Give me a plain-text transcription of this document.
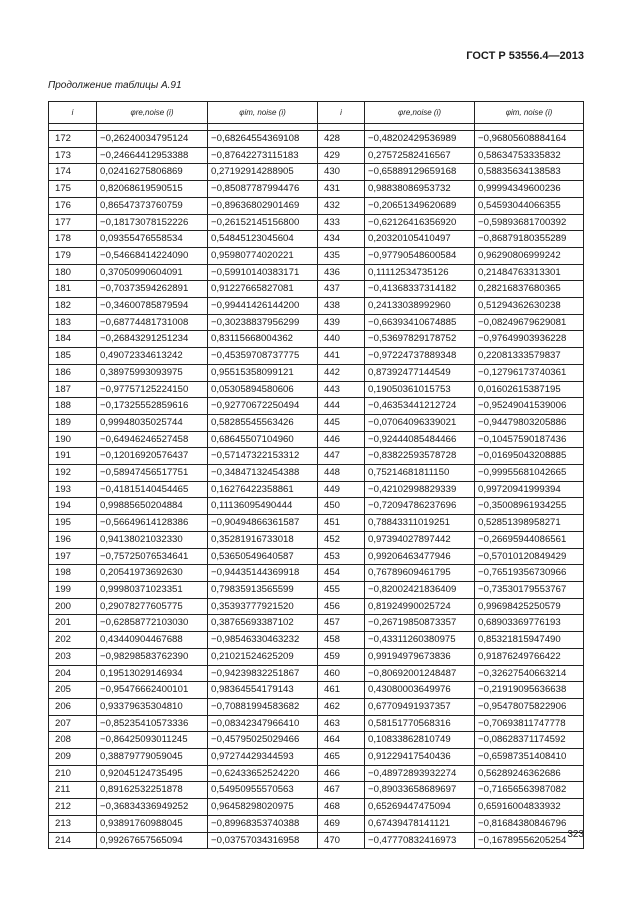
ГОСТ Р 53556.4—2013
Продолжение таблицы А.91
i	φre,noise (i)	φim, noise (i)	i	φre,noise (i)	φim, noise (i)

172	−0,26240034795124	−0,68264554369108	428	−0,48202429536989	−0,96805608884164
173	−0,24664412953388	−0,87642273115183	429	0,27572582416567	0,58634753335832
174	0,02416275806869	0,27192914288905	430	−0,65889129659168	0,58835634138583
175	0,82068619590515	−0,85087787994476	431	0,98838086953732	0,99994349600236
176	0,86547373760759	−0,89636802901469	432	−0,20651349620689	0,54593044066355
177	−0,18173078152226	−0,26152145156800	433	−0,62126416356920	−0,59893681700392
178	0,09355476558534	0,54845123045604	434	0,20320105410497	−0,86879180355289
179	−0,54668414224090	0,95980774020221	435	−0,97790548600584	0,96290806999242
180	0,37050990604091	−0,59910140383171	436	0,11112534735126	0,21484763313301
181	−0,70373594262891	0,91227665827081	437	−0,41368337314182	0,28216837680365
182	−0,34600785879594	−0,99441426144200	438	0,24133038992960	0,51294362630238
183	−0,68774481731008	−0,30238837956299	439	−0,66393410674885	−0,08249679629081
184	−0,26843291251234	0,83115668004362	440	−0,53697829178752	−0,97649903936228
185	0,49072334613242	−0,45359708737775	441	−0,97224737889348	0,22081333579837
186	0,38975993093975	0,95515358099121	442	0,87392477144549	−0,12796173740361
187	−0,97757125224150	0,05305894580606	443	0,19050361015753	0,01602615387195
188	−0,17325552859616	−0,92770672250494	444	−0,46353441212724	−0,95249041539006
189	0,99948035025744	0,58285545563426	445	−0,07064096339021	−0,94479803205886
190	−0,64946246527458	0,68645507104960	446	−0,92444085484466	−0,10457590187436
191	−0,12016920576437	−0,57147322153312	447	−0,83822593578728	−0,01695043208885
192	−0,58947456517751	−0,34847132454388	448	0,75214681811150	−0,99955681042665
193	−0,41815140454465	0,16276422358861	449	−0,42102998829339	0,99720941999394
194	0,99885650204884	0,11136095490444	450	−0,72094786237696	−0,35008961934255
195	−0,56649614128386	−0,90494866361587	451	0,78843311019251	0,52851398958271
196	0,94138021032330	0,35281916733018	452	0,97394027897442	−0,26695944086561
197	−0,75725076534641	0,53650549640587	453	0,99206463477946	−0,57010120849429
198	0,20541973692630	−0,94435144369918	454	0,76789609461795	−0,76519356730966
199	0,99980371023351	0,79835913565599	455	−0,82002421836409	−0,73530179553767
200	0,29078277605775	0,35393777921520	456	0,81924990025724	0,99698425250579
201	−0,62858772103030	0,38765693387102	457	−0,26719850873357	0,68903369776193
202	0,43440904467688	−0,98546330463232	458	−0,43311260380975	0,85321815947490
203	−0,98298583762390	0,21021524625209	459	0,99194979673836	0,91876249766422
204	0,19513029146934	−0,94239832251867	460	−0,80692001248487	−0,32627540663214
205	−0,95476662400101	0,98364554179143	461	0,43080003649976	−0,21919095636638
206	0,93379635304810	−0,70881994583682	462	0,67709491937357	−0,95478075822906
207	−0,85235410573336	−0,08342347966410	463	0,58151770568316	−0,70693811747778
208	−0,86425093011245	−0,45795025029466	464	0,10833862810749	−0,08628371174592
209	0,38879779059045	0,97274429344593	465	0,91229417540436	−0,65987351408410
210	0,92045124735495	−0,62433652524220	466	−0,48972893932274	0,56289246362686
211	0,89162532251878	0,54950955570563	467	−0,89033658689697	−0,71656563987082
212	−0,36834336949252	0,96458298020975	468	0,65269447475094	0,65916004833932
213	0,93891760988045	−0,89968353740388	469	0,67439478141121	−0,81684380846796
214	0,99267657565094	−0,03757034316958	470	−0,47770832416973	−0,16789556205254
323
